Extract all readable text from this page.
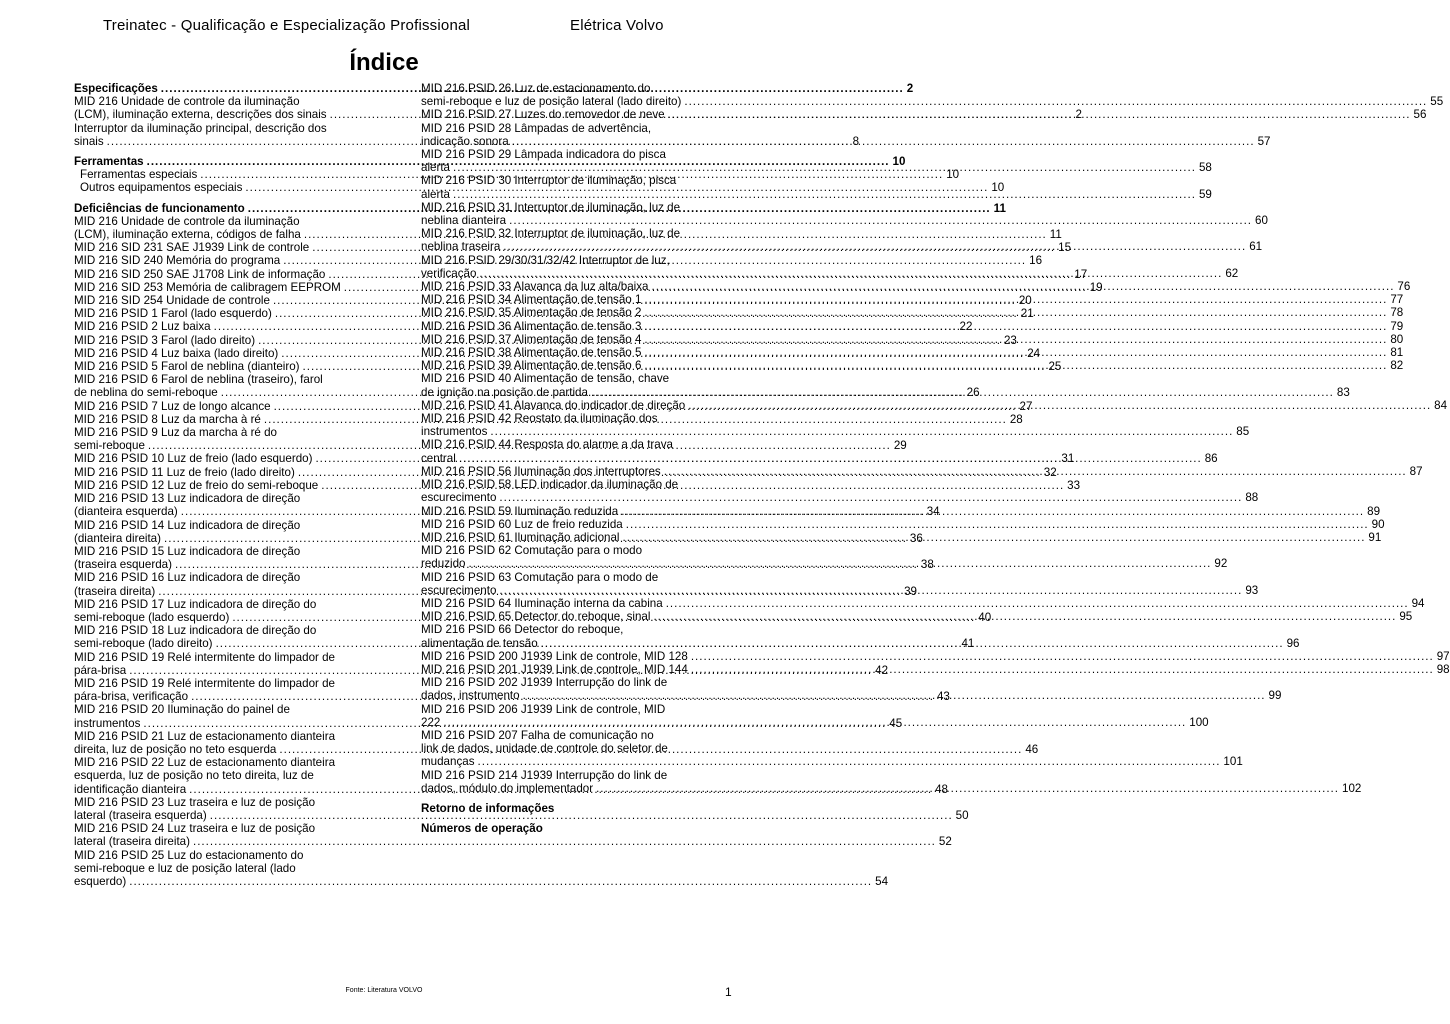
Treinatec - Qualificação e Especialização Profissional	Elétrica Volvo
Índice
Especificações .....	2
MID 216 Unidade de controle da iluminação
(LCM), iluminação externa, descrições dos sinais .....	2
Interruptor da iluminação principal, descrição dos
sinais .....	8
Ferramentas .....	10
Ferramentas especiais .....	10
Outros equipamentos especiais .....	10
Deficiências de funcionamento .....	11
MID 216 Unidade de controle da iluminação
(LCM), iluminação externa, códigos de falha .....	11
MID 216 SID 231 SAE J1939 Link de controle .....	15
MID 216 SID 240 Memória do programa .....	16
MID 216 SID 250 SAE J1708 Link de informação .....	17
MID 216 SID 253 Memória de calibragem EEPROM .....	19
MID 216 SID 254 Unidade de controle .....	20
MID 216 PSID 1 Farol (lado esquerdo) .....	21
MID 216 PSID 2 Luz baixa .....	22
MID 216 PSID 3 Farol (lado direito) .....	23
MID 216 PSID 4 Luz baixa (lado direito) .....	24
MID 216 PSID 5 Farol de neblina (dianteiro) .....	25
MID 216 PSID 6 Farol de neblina (traseiro), farol
de neblina do semi-reboque .....	26
MID 216 PSID 7 Luz de longo alcance .....	27
MID 216 PSID 8 Luz da marcha à ré .....	28
MID 216 PSID 9 Luz da marcha à ré do
semi-reboque .....	29
MID 216 PSID 10 Luz de freio (lado esquerdo) .....	31
MID 216 PSID 11 Luz de freio (lado direito) .....	32
MID 216 PSID 12 Luz de freio do semi-reboque .....	33
MID 216 PSID 13 Luz indicadora de direção
(dianteira esquerda) .....	34
MID 216 PSID 14 Luz indicadora de direção
(dianteira direita) .....	36
MID 216 PSID 15 Luz indicadora de direção
(traseira esquerda) .....	38
MID 216 PSID 16 Luz indicadora de direção
(traseira direita) .....	39
MID 216 PSID 17 Luz indicadora de direção do
semi-reboque (lado esquerdo) .....	40
MID 216 PSID 18 Luz indicadora de direção do
semi-reboque (lado direito) .....	41
MID 216 PSID 19 Relé intermitente do limpador de
pára-brisa .....	42
MID 216 PSID 19 Relé intermitente do limpador de
pára-brisa, verificação .....	43
MID 216 PSID 20 Iluminação do painel de
instrumentos .....	45
MID 216 PSID 21 Luz de estacionamento dianteira
direita, luz de posição no teto esquerda .....	46
MID 216 PSID 22 Luz de estacionamento dianteira
esquerda, luz de posição no teto direita, luz de
identificação dianteira .....	48
MID 216 PSID 23 Luz traseira e luz de posição
lateral (traseira esquerda) .....	50
MID 216 PSID 24 Luz traseira e luz de posição
lateral (traseira direita) .....	52
MID 216 PSID 25 Luz do estacionamento do
semi-reboque e luz de posição lateral (lado
esquerdo) .....	54
MID 216 PSID 26 Luz de estacionamento do
semi-reboque e luz de posição lateral (lado direito) .....	55
MID 216 PSID 27 Luzes do removedor de neve .....	56
MID 216 PSID 28 Lâmpadas de advertência,
indicação sonora .....	57
MID 216 PSID 29 Lâmpada indicadora do pisca
alerta .....	58
MID 216 PSID 30 Interruptor de iluminação, pisca
alerta .....	59
MID 216 PSID 31 Interruptor de iluminação, luz de
neblina dianteira .....	60
MID 216 PSID 32 Interruptor de iluminação, luz de
neblina traseira .....	61
MID 216 PSID 29/30/31/32/42 Interruptor de luz,
verificação .....	62
MID 216 PSID 33 Alavanca da luz alta/baixa .....	76
MID 216 PSID 34 Alimentação de tensão 1 .....	77
MID 216 PSID 35 Alimentação de tensão 2 .....	78
MID 216 PSID 36 Alimentação de tensão 3 .....	79
MID 216 PSID 37 Alimentação de tensão 4 .....	80
MID 216 PSID 38 Alimentação de tensão 5 .....	81
MID 216 PSID 39 Alimentação de tensão 6 .....	82
MID 216 PSID 40 Alimentação de tensão, chave
de ignição na posição de partida .....	83
MID 216 PSID 41 Alavanca do indicador de direção .....	84
MID 216 PSID 42 Reostato da iluminação dos
instrumentos .....	85
MID 216 PSID 44 Resposta do alarme a da trava
central .....	86
MID 216 PSID 56 Iluminação dos interruptores .....	87
MID 216 PSID 58 LED indicador da iluminação de
escurecimento .....	88
MID 216 PSID 59 Iluminação reduzida .....	89
MID 216 PSID 60 Luz de freio reduzida .....	90
MID 216 PSID 61 Iluminação adicional .....	91
MID 216 PSID 62 Comutação para o modo
reduzido .....	92
MID 216 PSID 63 Comutação para o modo de
escurecimento .....	93
MID 216 PSID 64 Iluminação interna da cabina .....	94
MID 216 PSID 65 Detector do reboque, sinal .....	95
MID 216 PSID 66 Detector do reboque,
alimentação de tensão .....	96
MID 216 PSID 200 J1939 Link de controle, MID 128 .....	97
MID 216 PSID 201 J1939 Link de controle, MID 144 .....	98
MID 216 PSID 202 J1939 Interrupção do link de
dados, instrumento .....	99
MID 216 PSID 206 J1939 Link de controle, MID
222 .....	100
MID 216 PSID 207 Falha de comunicação no
link de dados, unidade de controle do seletor de
mudanças .....	101
MID 216 PSID 214 J1939 Interrupção do link de
dados, módulo do implementador .....	102
Retorno de informações
Números de operação
Fonte: Literatura VOLVO	1
